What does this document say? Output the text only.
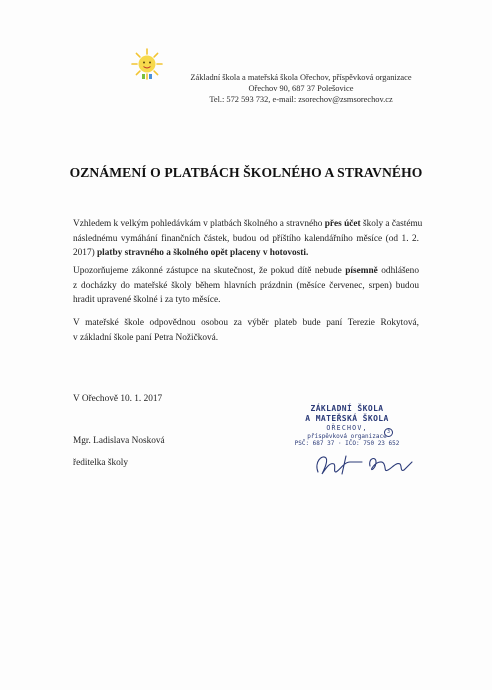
Základní škola a mateřská škola Ořechov, příspěvková organizace
Ořechov 90, 687 37 Polešovice
Tel.: 572 593 732, e-mail: zsorechov@zsmsorechov.cz
OZNÁMENÍ O PLATBÁCH ŠKOLNÉHO A STRAVNÉHO
Vzhledem k velkým pohledávkám v platbách školného a stravného přes účet školy a častému
následnému vymáhání finančních částek, budou od příštího kalendářního měsíce (od 1. 2.
2017) platby stravného a školného opět placeny v hotovosti.
Upozorňujeme zákonné zástupce na skutečnost, že pokud dítě nebude písemně odhlášeno
z docházky do mateřské školy během hlavních prázdnin (měsíce červenec, srpen) budou
hradit upravené školné i za tyto měsíce.
V mateřské škole odpovědnou osobou za výběr plateb bude paní Terezie Rokytová,
v základní škole paní Petra Nožičková.
V Ořechově 10. 1. 2017
Mgr. Ladislava Nosková
ředitelka školy
ZÁKLADNÍ ŠKOLA
A MATEŘSKÁ ŠKOLA
OŘECHOV,
příspěvková organizace
PSČ: 687 37 · IČO: 750 23 652
3
